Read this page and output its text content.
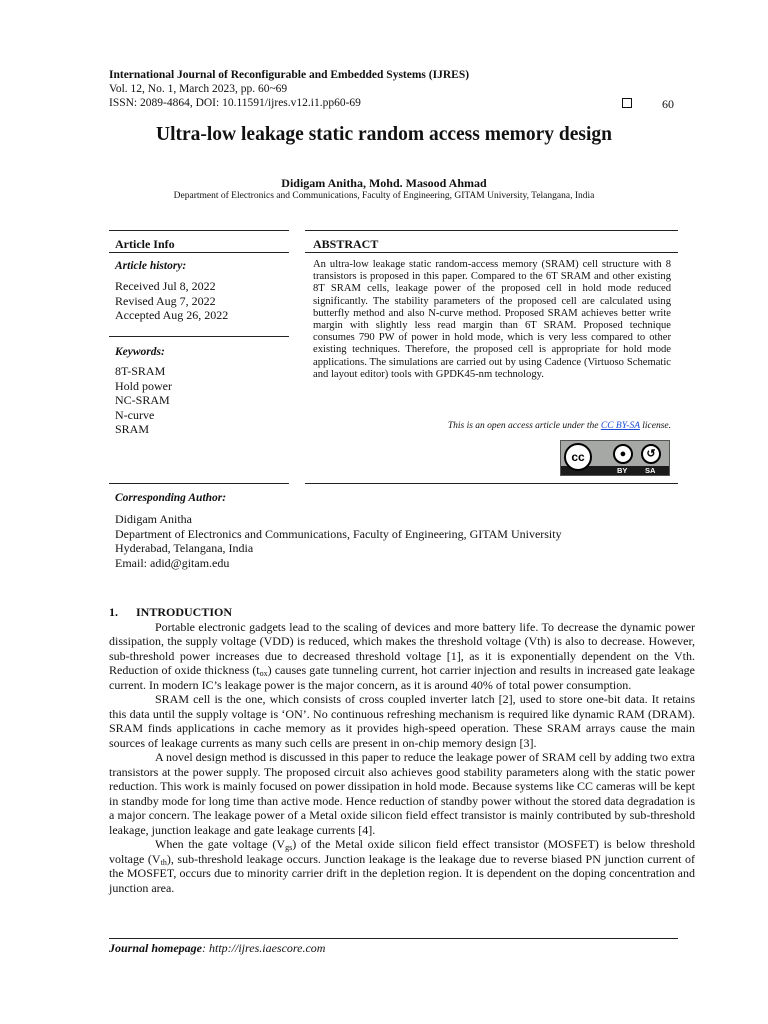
International Journal of Reconfigurable and Embedded Systems (IJRES)
Vol. 12, No. 1, March 2023, pp. 60~69
ISSN: 2089-4864, DOI: 10.11591/ijres.v12.i1.pp60-69	60
Ultra-low leakage static random access memory design
Didigam Anitha, Mohd. Masood Ahmad
Department of Electronics and Communications, Faculty of Engineering, GITAM University, Telangana, India
Article Info
Article history:
Received Jul 8, 2022
Revised Aug 7, 2022
Accepted Aug 26, 2022
Keywords:
8T-SRAM
Hold power
NC-SRAM
N-curve
SRAM
ABSTRACT
An ultra-low leakage static random-access memory (SRAM) cell structure with 8 transistors is proposed in this paper. Compared to the 6T SRAM and other existing 8T SRAM cells, leakage power of the proposed cell in hold mode reduced significantly. The stability parameters of the proposed cell are calculated using butterfly method and also N-curve method. Proposed SRAM achieves better write margin with slightly less read margin than 6T SRAM. Proposed technique consumes 790 PW of power in hold mode, which is very less compared to other existing techniques. Therefore, the proposed cell is appropriate for hold mode applications. The simulations are carried out by using Cadence (Virtuoso Schematic and layout editor) tools with GPDK45-nm technology.
This is an open access article under the CC BY-SA license.
cc	●	↺
BY SA
Corresponding Author:
Didigam Anitha
Department of Electronics and Communications, Faculty of Engineering, GITAM University
Hyderabad, Telangana, India
Email: adid@gitam.edu
1. INTRODUCTION

Portable electronic gadgets lead to the scaling of devices and more battery life. To decrease the dynamic power dissipation, the supply voltage (VDD) is reduced, which makes the threshold voltage (Vth) is also to decrease. However, sub-threshold power increases due to decreased threshold voltage [1], as it is exponentially dependent on the Vth. Reduction of oxide thickness $(t_{ox})$ causes gate tunneling current, hot carrier injection and results in increased gate leakage current. In modern IC’s leakage power is the major concern, as it is around 40% of total power consumption.

SRAM cell is the one, which consists of cross coupled inverter latch [2], used to store one-bit data. It retains this data until the supply voltage is ‘ON’. No continuous refreshing mechanism is required like dynamic RAM (DRAM). SRAM finds applications in cache memory as it provides high-speed operation. These SRAM arrays cause the main sources of leakage currents as many such cells are present in on-chip memory design [3].

A novel design method is discussed in this paper to reduce the leakage power of SRAM cell by adding two extra transistors at the power supply. The proposed circuit also achieves good stability parameters along with the static power reduction. This work is mainly focused on power dissipation in hold mode. Because systems like CC cameras will be kept in standby mode for long time than active mode. Hence reduction of standby power without the stored data degradation is a major concern. The leakage power of a Metal oxide silicon field effect transistor is mainly contributed by sub-threshold leakage, junction leakage and gate leakage currents [4].

When the gate voltage $(V_{gs})$ of the Metal oxide silicon field effect transistor (MOSFET) is below threshold voltage $(V_{th})$, sub-threshold leakage occurs. Junction leakage is the leakage due to reverse biased PN junction current of the MOSFET, occurs due to minority carrier drift in the depletion region. It is dependent on the doping concentration and junction area.

Journal homepage: http://ijres.iaescore.com
